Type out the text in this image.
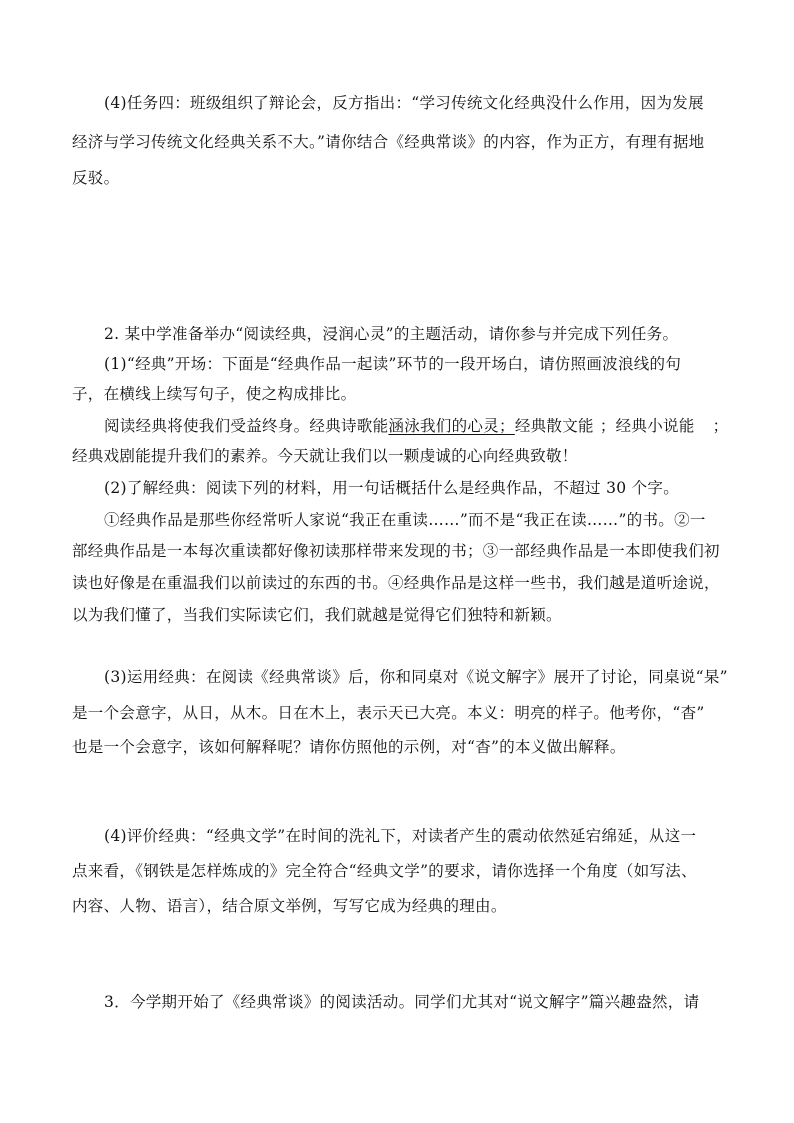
(4)任务四：班级组织了辩论会，反方指出：“学习传统文化经典没什么作用，因为发展
经济与学习传统文化经典关系不大。”请你结合《经典常谈》的内容，作为正方，有理有据地
反驳。
2. 某中学准备举办“阅读经典，浸润心灵”的主题活动，请你参与并完成下列任务。
(1)“经典”开场：下面是“经典作品一起读”环节的一段开场白，请仿照画波浪线的句
子，在横线上续写句子，使之构成排比。
阅读经典将使我们受益终身。经典诗歌能涵泳我们的心灵；经典散文能 ；经典小说能 ；
经典戏剧能提升我们的素养。今天就让我们以一颗虔诚的心向经典致敬！
(2)了解经典：阅读下列的材料，用一句话概括什么是经典作品，不超过 30 个字。
①经典作品是那些你经常听人家说“我正在重读……”而不是“我正在读……”的书。②一
部经典作品是一本每次重读都好像初读那样带来发现的书；③一部经典作品是一本即使我们初
读也好像是在重温我们以前读过的东西的书。④经典作品是这样一些书，我们越是道听途说，
以为我们懂了，当我们实际读它们，我们就越是觉得它们独特和新颖。
(3)运用经典：在阅读《经典常谈》后，你和同桌对《说文解字》展开了讨论，同桌说“杲”
是一个会意字，从日，从木。日在木上，表示天已大亮。本义：明亮的样子。他考你，“杳”
也是一个会意字，该如何解释呢？请你仿照他的示例，对“杳”的本义做出解释。
(4)评价经典：“经典文学”在时间的洗礼下，对读者产生的震动依然延宕绵延，从这一
点来看，《钢铁是怎样炼成的》完全符合“经典文学”的要求，请你选择一个角度（如写法、
内容、人物、语言），结合原文举例，写写它成为经典的理由。
3．今学期开始了《经典常谈》的阅读活动。同学们尤其对“说文解字”篇兴趣盎然，请
